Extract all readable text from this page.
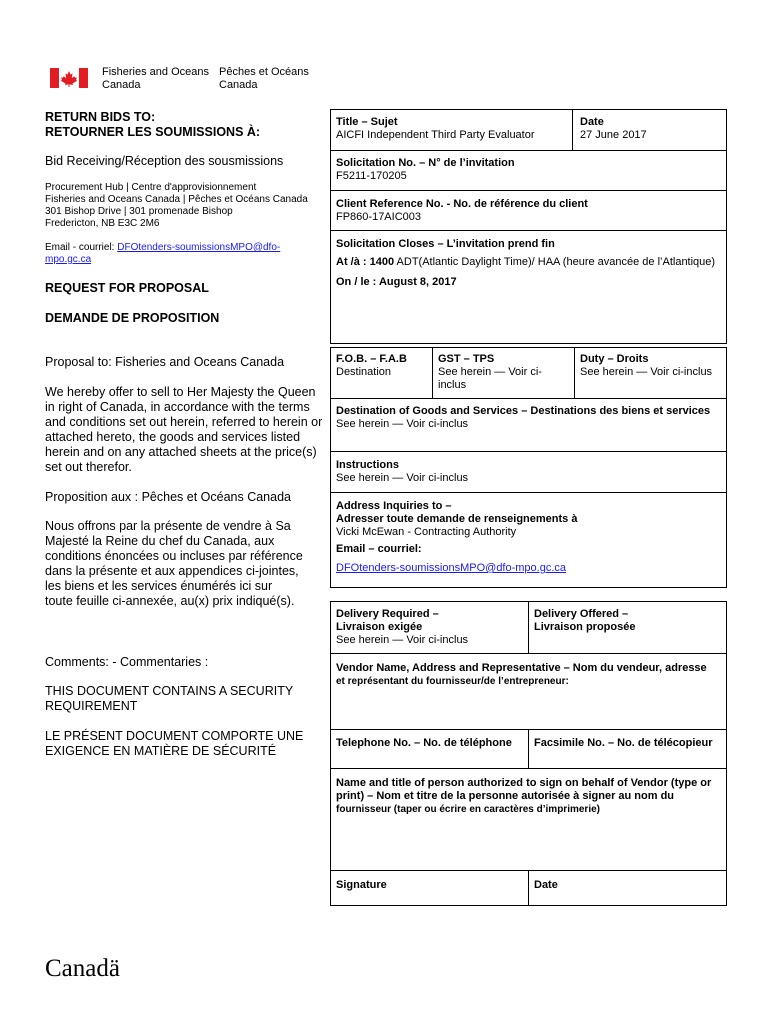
Fisheries and Oceans
Canada
Pêches et Océans
Canada
RETURN BIDS TO:
RETOURNER LES SOUMISSIONS À:
Bid Receiving/Réception des sousmissions
Procurement Hub | Centre d'approvisionnement
Fisheries and Oceans Canada | Pêches et Océans Canada
301 Bishop Drive | 301 promenade Bishop
Fredericton, NB E3C 2M6
Email - courriel: DFOtenders-soumissionsMPO@dfo-
mpo.gc.ca
REQUEST FOR PROPOSAL
DEMANDE DE PROPOSITION
Proposal to: Fisheries and Oceans Canada
We hereby offer to sell to Her Majesty the Queen in right of Canada, in accordance with the terms and conditions set out herein, referred to herein or attached hereto, the goods and services listed herein and on any attached sheets at the price(s) set out therefor.
Proposition aux : Pêches et Océans Canada
Nous offrons par la présente de vendre à Sa Majesté la Reine du chef du Canada, aux conditions énoncées ou incluses par référence dans la présente et aux appendices ci-jointes, les biens et les services énumérés ici sur toute feuille ci-annexée, au(x) prix indiqué(s).
Comments: - Commentaries :
THIS DOCUMENT CONTAINS A SECURITY REQUIREMENT
LE PRÉSENT DOCUMENT COMPORTE UNE EXIGENCE EN MATIÈRE DE SÉCURITÉ
Title – Sujet
AICFI Independent Third Party Evaluator
Date
27 June 2017
Solicitation No. – N° de l’invitation
F5211-170205
Client Reference No. - No. de référence du client
FP860-17AIC003
Solicitation Closes – L’invitation prend fin
At /à : 1400 ADT(Atlantic Daylight Time)/ HAA (heure avancée de l’Atlantique)
On / le : August 8, 2017
F.O.B. – F.A.B
Destination
GST – TPS
See herein — Voir ci-inclus
Duty – Droits
See herein — Voir ci-inclus
Destination of Goods and Services – Destinations des biens et services
See herein — Voir ci-inclus
Instructions
See herein — Voir ci-inclus
Address Inquiries to –
Adresser toute demande de renseignements à
Vicki McEwan - Contracting Authority
Email – courriel:
DFOtenders-soumissionsMPO@dfo-mpo.gc.ca
Delivery Required –
Livraison exigée
See herein — Voir ci-inclus
Delivery Offered –
Livraison proposée
Vendor Name, Address and Representative – Nom du vendeur, adresse
et représentant du fournisseur/de l’entrepreneur:
Telephone No. – No. de téléphone	Facsimile No. – No. de télécopieur
Name and title of person authorized to sign on behalf of Vendor (type or print) – Nom et titre de la personne autorisée à signer au nom du
fournisseur (taper ou écrire en caractères d’imprimerie)
Signature	Date
Canadä
